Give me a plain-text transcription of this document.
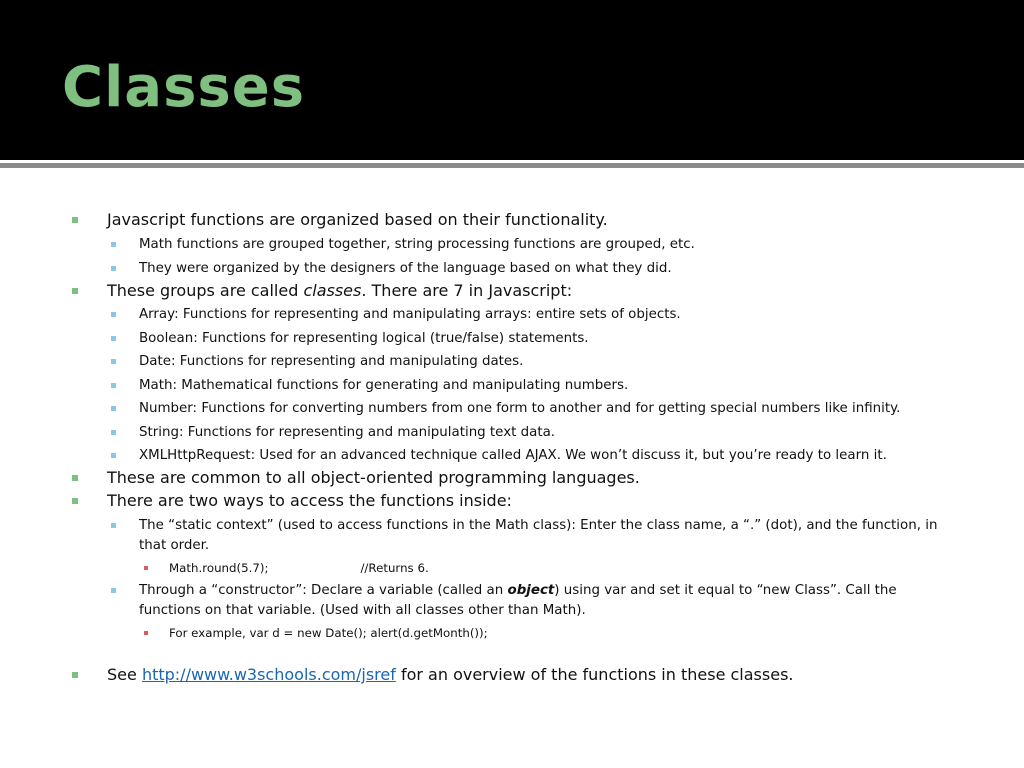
Classes
Javascript functions are organized based on their functionality.
Math functions are grouped together, string processing functions are grouped, etc.
They were organized by the designers of the language based on what they did.
These groups are called classes. There are 7 in Javascript:
Array: Functions for representing and manipulating arrays: entire sets of objects.
Boolean: Functions for representing logical (true/false) statements.
Date: Functions for representing and manipulating dates.
Math: Mathematical functions for generating and manipulating numbers.
Number: Functions for converting numbers from one form to another and for getting special numbers like infinity.
String: Functions for representing and manipulating text data.
XMLHttpRequest: Used for an advanced technique called AJAX. We won’t discuss it, but you’re ready to learn it.
These are common to all object-oriented programming languages.
There are two ways to access the functions inside:
The “static context” (used to access functions in the Math class): Enter the class name, a “.” (dot), and the function, in
that order.
Math.round(5.7);	//Returns 6.
Through a “constructor”: Declare a variable (called an object) using var and set it equal to “new Class”. Call the
functions on that variable. (Used with all classes other than Math).
For example, var d = new Date(); alert(d.getMonth());
See http://www.w3schools.com/jsref for an overview of the functions in these classes.
